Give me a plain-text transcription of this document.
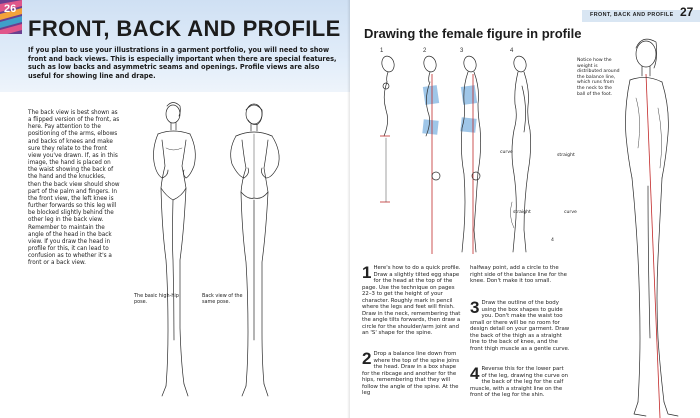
26
FRONT, BACK AND PROFILE
If you plan to use your illustrations in a garment portfolio, you will need to show front and back views. This is especially important when there are special features, such as low backs and asymmetric seams and openings. Profile views are also useful for showing line and drape.

The back view is best shown as a flipped version of the front, as here. Pay attention to the positioning of the arms, elbows and backs of knees and make sure they relate to the front view you've drawn. If, as in this image, the hand is placed on the waist showing the back of the hand and the knuckles, then the back view should show part of the palm and fingers. In the front view, the left knee is further forwards so this leg will be blocked slightly behind the other leg in the back view.

Remember to maintain the angle of the head in the back view. If you draw the head in profile for this, it can lead to confusion as to whether it's a front or a back view.

The basic high-hip pose.
Back view of the same pose.
FRONT, BACK AND PROFILE 27
Drawing the female figure in profile
1	2	3	4
curve
straight
straight	curve
4
Notice how the weight is distributed around the balance line, which runs from the neck to the ball of the foot.
1 Here's how to do a quick profile. Draw a slightly tilted egg shape for the head at the top of the page. Use the technique on pages 22–3 to get the height of your character. Roughly mark in pencil where the legs and feet will finish. Draw in the neck, remembering that the angle tilts forwards, then draw a circle for the shoulder/arm joint and an 'S' shape for the spine.
2 Drop a balance line down from where the top of the spine joins the head. Draw in a box shape for the ribcage and another for the hips, remembering that they will follow the angle of the spine. At the leg
halfway point, add a circle to the right side of the balance line for the knee. Don't make it too small.
3 Draw the outline of the body using the box shapes to guide you. Don't make the waist too small or there will be no room for design detail on your garment. Draw the back of the thigh as a straight line to the back of knee, and the front thigh muscle as a gentle curve.
4 Reverse this for the lower part of the leg, drawing the curve on the back of the leg for the calf muscle, with a straight line on the front of the leg for the shin.
